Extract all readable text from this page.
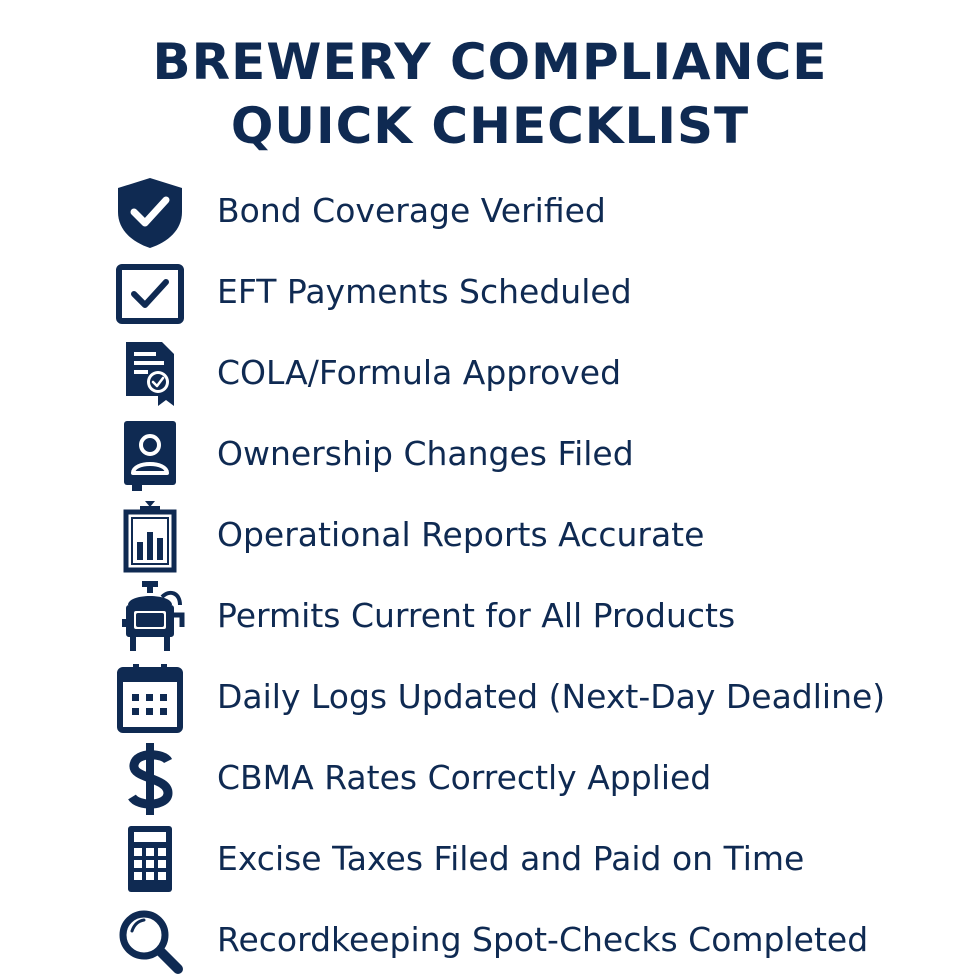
BREWERY COMPLIANCE
QUICK CHECKLIST
Bond Coverage Verified
EFT Payments Scheduled
COLA/Formula Approved
Ownership Changes Filed
Operational Reports Accurate
Permits Current for All Products
Daily Logs Updated (Next-Day Deadline)
CBMA Rates Correctly Applied
Excise Taxes Filed and Paid on Time
Recordkeeping Spot-Checks Completed
